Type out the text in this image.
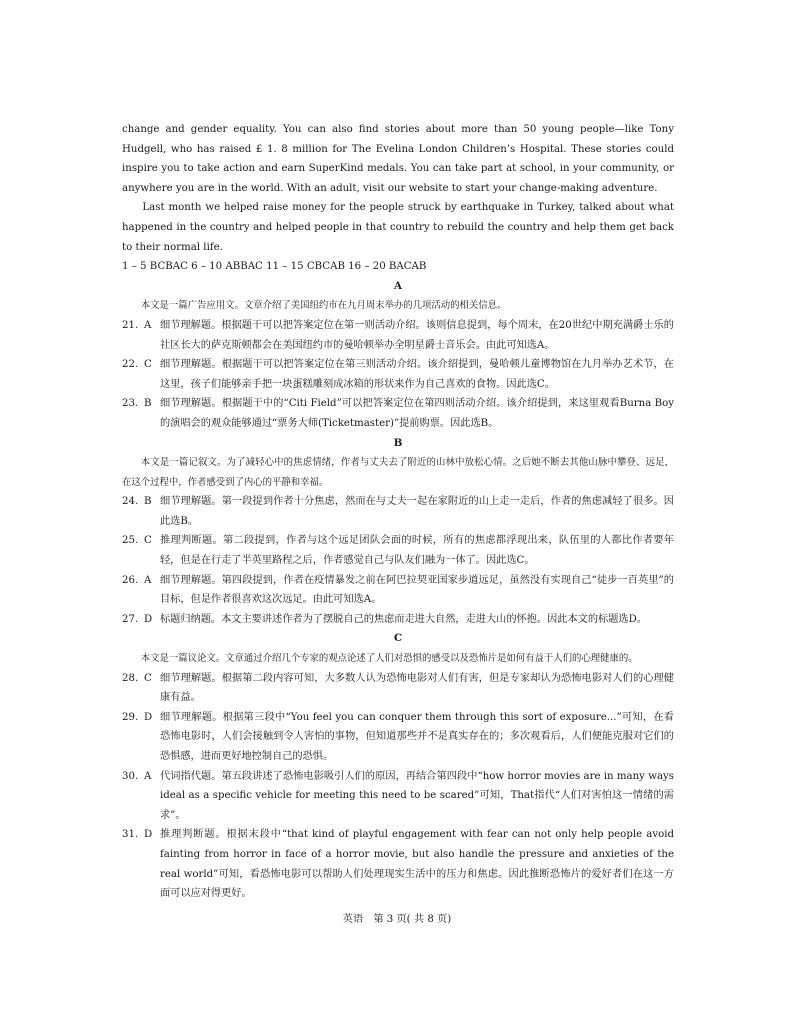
change and gender equality. You can also find stories about more than 50 young people—like Tony Hudgell, who has raised £ 1. 8 million for The Evelina London Children’s Hospital. These stories could inspire you to take action and earn SuperKind medals. You can take part at school, in your community, or anywhere you are in the world. With an adult, visit our website to start your change-making adventure.

Last month we helped raise money for the people struck by earthquake in Turkey, talked about what happened in the country and helped people in that country to rebuild the country and help them get back to their normal life.

1 – 5 BCBAC 6 – 10 ABBAC 11 – 15 CBCAB 16 – 20 BACAB

A

本文是一篇广告应用文。文章介绍了美国纽约市在九月周末举办的几项活动的相关信息。

21. A 细节理解题。根据题干可以把答案定位在第一则活动介绍。该则信息提到，每个周末，在20世纪中期充满爵士乐的社区长大的萨克斯顿都会在美国纽约市的曼哈顿举办全明星爵士音乐会。由此可知选A。
22. C 细节理解题。根据题干可以把答案定位在第三则活动介绍。该介绍提到，曼哈顿儿童博物馆在九月举办艺术节，在这里，孩子们能够亲手把一块蛋糕雕刻成冰箱的形状来作为自己喜欢的食物。因此选C。
23. B 细节理解题。根据题干中的“Citi Field”可以把答案定位在第四则活动介绍。该介绍提到，来这里观看Burna Boy的演唱会的观众能够通过“票务大师(Ticketmaster)”提前购票。因此选B。

B

本文是一篇记叙文。为了减轻心中的焦虑情绪，作者与丈夫去了附近的山林中放松心情。之后她不断去其他山脉中攀登、远足，在这个过程中，作者感受到了内心的平静和幸福。

24. B 细节理解题。第一段提到作者十分焦虑，然而在与丈夫一起在家附近的山上走一走后，作者的焦虑减轻了很多。因此选B。
25. C 推理判断题。第二段提到，作者与这个远足团队会面的时候，所有的焦虑都浮现出来，队伍里的人都比作者要年轻，但是在行走了半英里路程之后，作者感觉自己与队友们融为一体了。因此选C。
26. A 细节理解题。第四段提到，作者在疫情暴发之前在阿巴拉契亚国家步道远足，虽然没有实现自己“徒步一百英里”的目标，但是作者很喜欢这次远足。由此可知选A。
27. D 标题归纳题。本文主要讲述作者为了摆脱自己的焦虑而走进大自然，走进大山的怀抱。因此本文的标题选D。

C

本文是一篇议论文。文章通过介绍几个专家的观点论述了人们对恐惧的感受以及恐怖片是如何有益于人们的心理健康的。

28. C 细节理解题。根据第二段内容可知，大多数人认为恐怖电影对人们有害，但是专家却认为恐怖电影对人们的心理健康有益。
29. D 细节理解题。根据第三段中“You feel you can conquer them through this sort of exposure...”可知，在看恐怖电影时，人们会接触到令人害怕的事物，但知道那些并不是真实存在的；多次观看后，人们便能克服对它们的恐惧感，进而更好地控制自己的恐惧。
30. A 代词指代题。第五段讲述了恐怖电影吸引人们的原因，再结合第四段中“how horror movies are in many ways ideal as a specific vehicle for meeting this need to be scared”可知，That指代“人们对害怕这一情绪的需求”。
31. D 推理判断题。根据末段中“that kind of playful engagement with fear can not only help people avoid fainting from horror in face of a horror movie, but also handle the pressure and anxieties of the real world”可知，看恐怖电影可以帮助人们处理现实生活中的压力和焦虑。因此推断恐怖片的爱好者们在这一方面可以应对得更好。
英语　第 3 页( 共 8 页)
